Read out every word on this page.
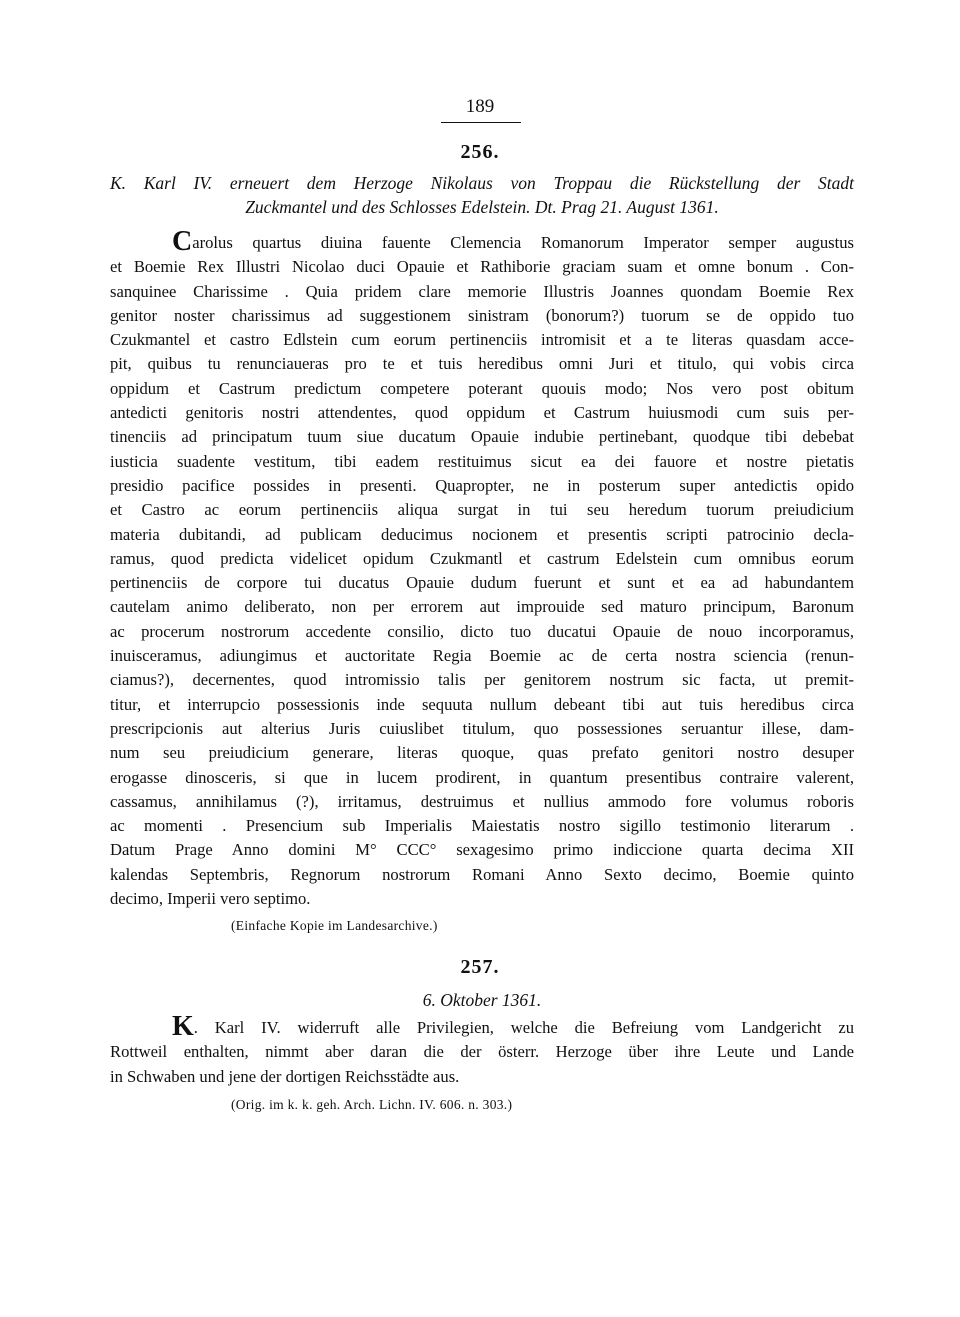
189
256.
K. Karl IV. erneuert dem Herzoge Nikolaus von Troppau die Rückstellung der Stadt
Zuckmantel und des Schlosses Edelstein. Dt. Prag 21. August 1361.
Carolus quartus diuina fauente Clemencia Romanorum Imperator semper augustus
et Boemie Rex Illustri Nicolao duci Opauie et Rathiborie graciam suam et omne bonum . Con-
sanquinee Charissime . Quia pridem clare memorie Illustris Joannes quondam Boemie Rex
genitor noster charissimus ad suggestionem sinistram (bonorum?) tuorum se de oppido tuo
Czukmantel et castro Edlstein cum eorum pertinenciis intromisit et a te literas quasdam acce-
pit, quibus tu renunciaueras pro te et tuis heredibus omni Juri et titulo, qui vobis circa
oppidum et Castrum predictum competere poterant quouis modo; Nos vero post obitum
antedicti genitoris nostri attendentes, quod oppidum et Castrum huiusmodi cum suis per-
tinenciis ad principatum tuum siue ducatum Opauie indubie pertinebant, quodque tibi debebat
iusticia suadente vestitum, tibi eadem restituimus sicut ea dei fauore et nostre pietatis
presidio pacifice possides in presenti. Quapropter, ne in posterum super antedictis opido
et Castro ac eorum pertinenciis aliqua surgat in tui seu heredum tuorum preiudicium
materia dubitandi, ad publicam deducimus nocionem et presentis scripti patrocinio decla-
ramus, quod predicta videlicet opidum Czukmantl et castrum Edelstein cum omnibus eorum
pertinenciis de corpore tui ducatus Opauie dudum fuerunt et sunt et ea ad habundantem
cautelam animo deliberato, non per errorem aut improuide sed maturo principum, Baronum
ac procerum nostrorum accedente consilio, dicto tuo ducatui Opauie de nouo incorporamus,
inuisceramus, adiungimus et auctoritate Regia Boemie ac de certa nostra sciencia (renun-
ciamus?), decernentes, quod intromissio talis per genitorem nostrum sic facta, ut premit-
titur, et interrupcio possessionis inde sequuta nullum debeant tibi aut tuis heredibus circa
prescripcionis aut alterius Juris cuiuslibet titulum, quo possessiones seruantur illese, dam-
num seu preiudicium generare, literas quoque, quas prefato genitori nostro desuper
erogasse dinosceris, si que in lucem prodirent, in quantum presentibus contraire valerent,
cassamus, annihilamus (?), irritamus, destruimus et nullius ammodo fore volumus roboris
ac momenti . Presencium sub Imperialis Maiestatis nostro sigillo testimonio literarum .
Datum Prage Anno domini M° CCC° sexagesimo primo indiccione quarta decima XII
kalendas Septembris, Regnorum nostrorum Romani Anno Sexto decimo, Boemie quinto
decimo, Imperii vero septimo.
(Einfache Kopie im Landesarchive.)
257.
6. Oktober 1361.
K. Karl IV. widerruft alle Privilegien, welche die Befreiung vom Landgericht zu
Rottweil enthalten, nimmt aber daran die der österr. Herzoge über ihre Leute und Lande
in Schwaben und jene der dortigen Reichsstädte aus.
(Orig. im k. k. geh. Arch. Lichn. IV. 606. n. 303.)
